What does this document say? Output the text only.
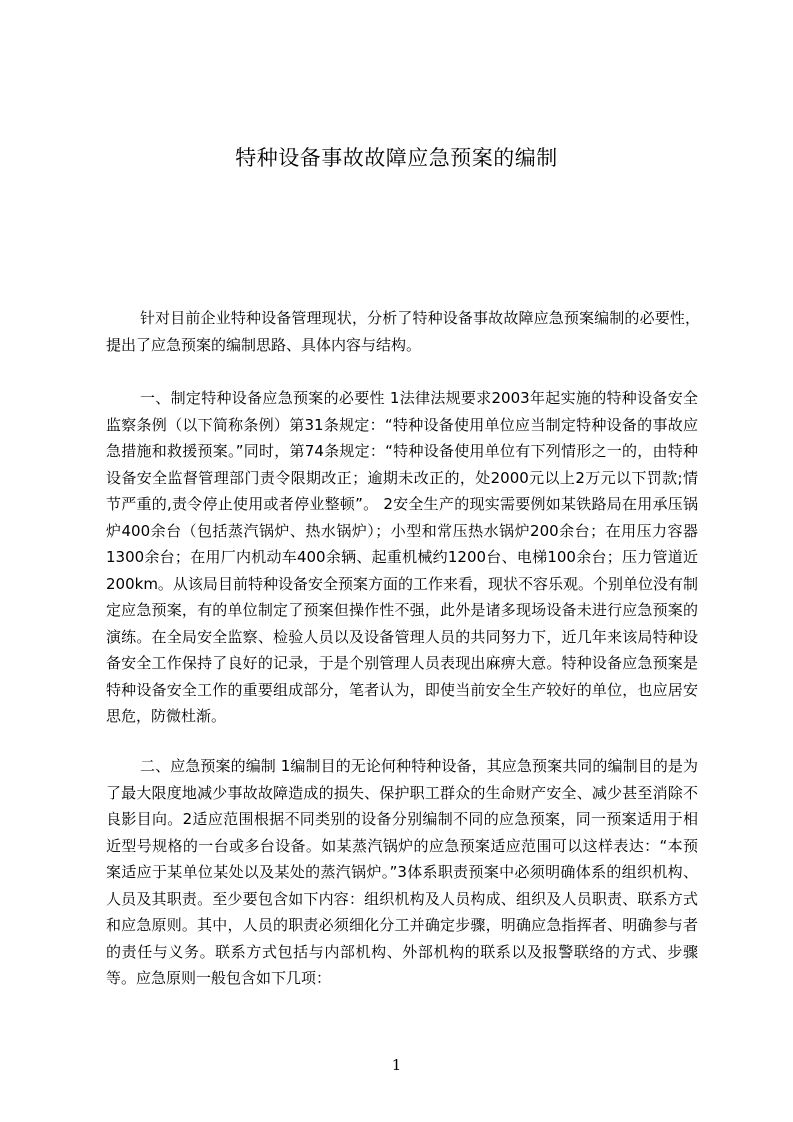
特种设备事故故障应急预案的编制

针对目前企业特种设备管理现状，分析了特种设备事故故障应急预案编制的必要性，提出了应急预案的编制思路、具体内容与结构。

一、制定特种设备应急预案的必要性 1法律法规要求2003年起实施的特种设备安全监察条例（以下简称条例）第31条规定：“特种设备使用单位应当制定特种设备的事故应急措施和救援预案。”同时，第74条规定：“特种设备使用单位有下列情形之一的，由特种设备安全监督管理部门责令限期改正；逾期未改正的，处2000元以上2万元以下罚款;情节严重的,责令停止使用或者停业整顿”。 2安全生产的现实需要例如某铁路局在用承压锅炉400余台（包括蒸汽锅炉、热水锅炉）；小型和常压热水锅炉200余台；在用压力容器1300余台；在用厂内机动车400余辆、起重机械约1200台、电梯100余台；压力管道近200km。从该局目前特种设备安全预案方面的工作来看，现状不容乐观。个别单位没有制定应急预案，有的单位制定了预案但操作性不强，此外是诸多现场设备未进行应急预案的演练。在全局安全监察、检验人员以及设备管理人员的共同努力下，近几年来该局特种设备安全工作保持了良好的记录，于是个别管理人员表现出麻痹大意。特种设备应急预案是特种设备安全工作的重要组成部分，笔者认为，即使当前安全生产较好的单位，也应居安思危，防微杜渐。

二、应急预案的编制 1编制目的无论何种特种设备，其应急预案共同的编制目的是为了最大限度地减少事故故障造成的损失、保护职工群众的生命财产安全、减少甚至消除不良影目向。2适应范围根据不同类别的设备分别编制不同的应急预案，同一预案适用于相近型号规格的一台或多台设备。如某蒸汽锅炉的应急预案适应范围可以这样表达：“本预案适应于某单位某处以及某处的蒸汽锅炉。”3体系职责预案中必须明确体系的组织机构、人员及其职责。至少要包含如下内容：组织机构及人员构成、组织及人员职责、联系方式和应急原则。其中，人员的职责必须细化分工并确定步骤，明确应急指挥者、明确参与者的责任与义务。联系方式包括与内部机构、外部机构的联系以及报警联络的方式、步骤等。应急原则一般包含如下几项：

1
